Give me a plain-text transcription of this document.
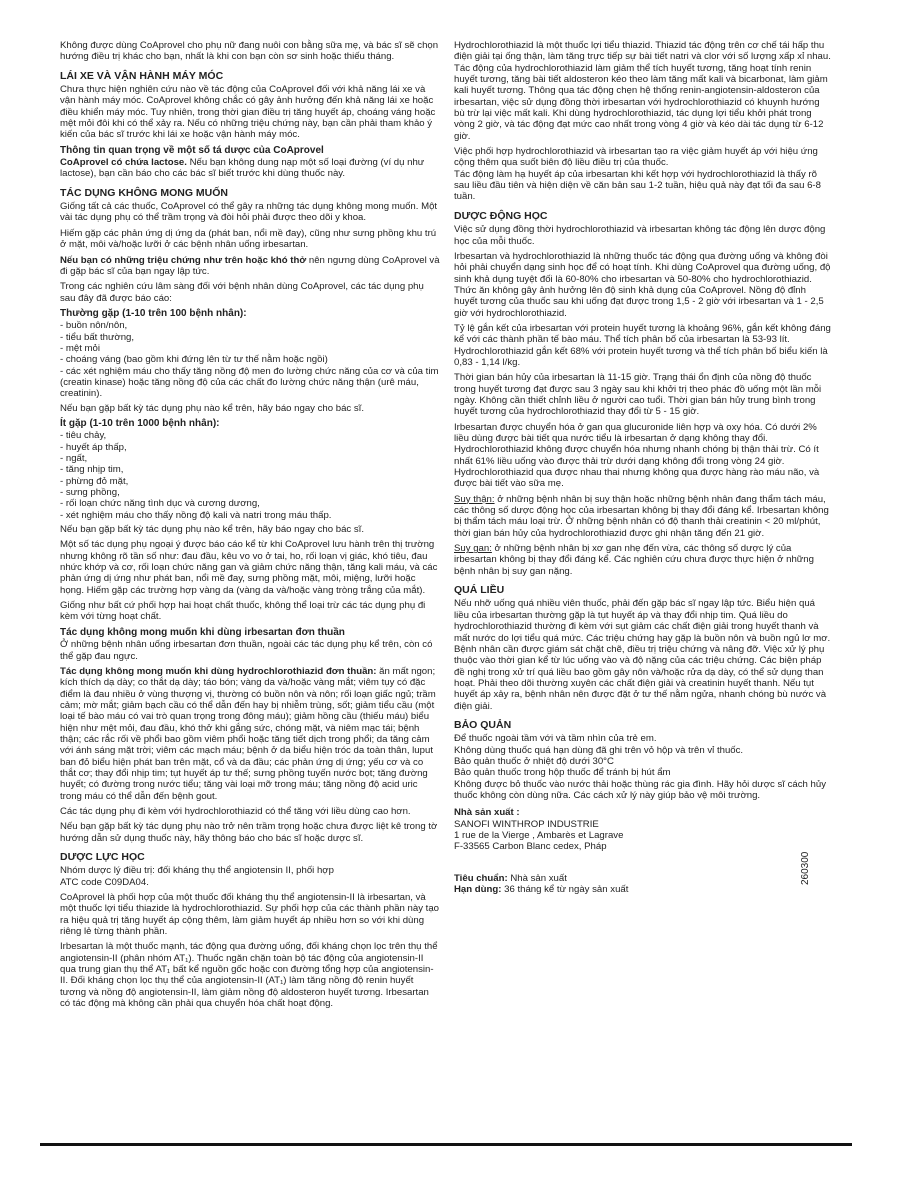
Không được dùng CoAprovel cho phụ nữ đang nuôi con bằng sữa mẹ, và bác sĩ sẽ chọn hướng điều trị khác cho bạn, nhất là khi con bạn còn sơ sinh hoặc thiếu tháng.

LÁI XE VÀ VẬN HÀNH MÁY MÓC

Chưa thực hiện nghiên cứu nào về tác động của CoAprovel đối với khả năng lái xe và vận hành máy móc. CoAprovel không chắc có gây ảnh hưởng đến khả năng lái xe hoặc điều khiển máy móc. Tuy nhiên, trong thời gian điều trị tăng huyết áp, choáng váng hoặc mệt mỏi đôi khi có thể xảy ra. Nếu có những triệu chứng này, bạn cần phải tham khảo ý kiến của bác sĩ trước khi lái xe hoặc vận hành máy móc.

Thông tin quan trọng về một số tá dược của CoAprovel

CoAprovel có chứa lactose. Nếu bạn không dung nạp một số loại đường (ví dụ như lactose), bạn cần báo cho các bác sĩ biết trước khi dùng thuốc này.

TÁC DỤNG KHÔNG MONG MUỐN

Giống tất cả các thuốc, CoAprovel có thể gây ra những tác dụng không mong muốn. Một vài tác dụng phụ có thể trầm trọng và đòi hỏi phải được theo dõi y khoa.

Hiếm gặp các phản ứng dị ứng da (phát ban, nổi mề đay), cũng như sưng phồng khu trú ở mặt, môi và/hoặc lưỡi ở các bệnh nhân uống irbesartan.

Nếu bạn có những triệu chứng như trên hoặc khó thở nên ngưng dùng CoAprovel và đi gặp bác sĩ của bạn ngay lập tức.

Trong các nghiên cứu lâm sàng đối với bệnh nhân dùng CoAprovel, các tác dụng phụ sau đây đã được báo cáo:

Thường gặp (1-10 trên 100 bệnh nhân):
- buồn nôn/nôn,
- tiểu bất thường,
- mệt mỏi
- choáng váng (bao gồm khi đứng lên từ tư thế nằm hoặc ngồi)
- các xét nghiệm máu cho thấy tăng nồng độ men đo lường chức năng của cơ và của tim (creatin kinase) hoặc tăng nồng độ của các chất đo lường chức năng thận (urê máu, creatinin).

Nếu bạn gặp bất kỳ tác dụng phụ nào kể trên, hãy báo ngay cho bác sĩ.

Ít gặp (1-10 trên 1000 bệnh nhân):
- tiêu chảy,
- huyết áp thấp,
- ngất,
- tăng nhịp tim,
- phừng đỏ mặt,
- sưng phồng,
- rối loạn chức năng tình dục và cương dương,
- xét nghiệm máu cho thấy nồng độ kali và natri trong máu thấp.

Nếu bạn gặp bất kỳ tác dụng phụ nào kể trên, hãy báo ngay cho bác sĩ.

Một số tác dụng phụ ngoại ý được báo cáo kể từ khi CoAprovel lưu hành trên thị trường nhưng không rõ tần số như: đau đầu, kêu vo vo ở tai, ho, rối loạn vị giác, khó tiêu, đau nhức khớp và cơ, rối loạn chức năng gan và giảm chức năng thận, tăng kali máu, và các phản ứng dị ứng như phát ban, nổi mề đay, sưng phồng mặt, môi, miệng, lưỡi hoặc họng. Hiếm gặp các trường hợp vàng da (vàng da và/hoặc vàng tròng trắng của mắt).

Giống như bất cứ phối hợp hai hoạt chất thuốc, không thể loại trừ các tác dụng phụ đi kèm với từng hoạt chất.

Tác dụng không mong muốn khi dùng irbesartan đơn thuần

Ở những bệnh nhân uống irbesartan đơn thuần, ngoài các tác dụng phụ kể trên, còn có thể gặp đau ngực.

Tác dụng không mong muốn khi dùng hydrochlorothiazid đơn thuần: ăn mất ngon; kích thích dạ dày; co thắt dạ dày; táo bón; vàng da và/hoặc vàng mắt; viêm tụy có đặc điểm là đau nhiều ở vùng thượng vị, thường có buồn nôn và nôn; rối loạn giấc ngủ; trầm cảm; mờ mắt; giảm bạch cầu có thể dẫn đến hay bị nhiễm trùng, sốt; giảm tiểu cầu (một loại tế bào máu có vai trò quan trọng trong đông máu); giảm hồng cầu (thiếu máu) biểu hiện như mệt mỏi, đau đầu, khó thở khi gắng sức, chóng mặt, và niêm mạc tái; bệnh thận; các rắc rối về phổi bao gồm viêm phổi hoặc tăng tiết dịch trong phổi; da tăng cảm với ánh sáng mặt trời; viêm các mạch máu; bệnh ở da biểu hiện tróc da toàn thân, luput ban đỏ biểu hiện phát ban trên mặt, cổ và da đầu; các phản ứng dị ứng; yếu cơ và co thắt cơ; thay đổi nhịp tim; tụt huyết áp tư thế; sưng phồng tuyến nước bọt; tăng đường huyết; có đường trong nước tiểu; tăng vài loại mỡ trong máu; tăng nồng độ acid uric trong máu có thể dẫn đến bệnh gout.

Các tác dụng phụ đi kèm với hydrochlorothiazid có thể tăng với liều dùng cao hơn.

Nếu bạn gặp bất kỳ tác dụng phụ nào trở nên trầm trọng hoặc chưa được liệt kê trong tờ hướng dẫn sử dụng thuốc này, hãy thông báo cho bác sĩ hoặc dược sĩ.

DƯỢC LỰC HỌC

Nhóm dược lý điều trị: đối kháng thụ thể angiotensin II, phối hợp

ATC code C09DA04.

CoAprovel là phối hợp của một thuốc đối kháng thụ thể angiotensin-II là irbesartan, và một thuốc lợi tiểu thiazide là hydrochlorothiazid. Sự phối hợp của các thành phần này tạo ra hiệu quả trị tăng huyết áp cộng thêm, làm giảm huyết áp nhiều hơn so với khi dùng riêng lẻ từng thành phần.

Irbesartan là một thuốc mạnh, tác động qua đường uống, đối kháng chọn lọc trên thụ thể angiotensin-II (phân nhóm AT₁). Thuốc ngăn chặn toàn bộ tác động của angiotensin-II qua trung gian thụ thể AT₁ bất kể nguồn gốc hoặc con đường tổng hợp của angiotensin-II. Đối kháng chọn lọc thụ thể của angiotensin-II (AT₁) làm tăng nồng độ renin huyết tương và nồng độ angiotensin-II, làm giảm nồng độ aldosteron huyết tương. Irbesartan có tác động mà không cần phải qua chuyển hóa chất hoạt động.

Hydrochlorothiazid là một thuốc lợi tiểu thiazid. Thiazid tác động trên cơ chế tái hấp thu điện giải tại ống thận, làm tăng trực tiếp sự bài tiết natri và clor với số lượng xấp xỉ nhau. Tác động của hydrochlorothiazid làm giảm thể tích huyết tương, tăng hoạt tính renin huyết tương, tăng bài tiết aldosteron kéo theo làm tăng mất kali và bicarbonat, làm giảm kali huyết tương. Thông qua tác động chẹn hệ thống renin-angiotensin-aldosteron của irbesartan, việc sử dụng đồng thời irbesartan với hydrochlorothiazid có khuynh hướng bù trừ lại việc mất kali. Khi dùng hydrochlorothiazid, tác dụng lợi tiểu khởi phát trong vòng 2 giờ, và tác động đạt mức cao nhất trong vòng 4 giờ và kéo dài tác dụng từ 6-12 giờ.

Việc phối hợp hydrochlorothiazid và irbesartan tạo ra việc giảm huyết áp với hiệu ứng cộng thêm qua suốt biên độ liều điều trị của thuốc.

Tác động làm hạ huyết áp của irbesartan khi kết hợp với hydrochlorothiazid là thấy rõ sau liều đầu tiên và hiện diện về căn bản sau 1-2 tuần, hiệu quả này đạt tối đa sau 6-8 tuần.

DƯỢC ĐỘNG HỌC

Việc sử dụng đồng thời hydrochlorothiazid và irbesartan không tác động lên dược động học của mỗi thuốc.

Irbesartan và hydrochlorothiazid là những thuốc tác động qua đường uống và không đòi hỏi phải chuyển dạng sinh học để có hoạt tính. Khi dùng CoAprovel qua đường uống, độ sinh khả dụng tuyệt đối là 60-80% cho irbesartan và 50-80% cho hydrochlorothiazid. Thức ăn không gây ảnh hưởng lên độ sinh khả dụng của CoAprovel. Nồng độ đỉnh huyết tương của thuốc sau khi uống đạt được trong 1,5 - 2 giờ với irbesartan và 1 - 2,5 giờ với hydrochlorothiazid.

Tỷ lệ gắn kết của irbesartan với protein huyết tương là khoảng 96%, gắn kết không đáng kể với các thành phần tế bào máu. Thể tích phân bố của irbesartan là 53-93 lít. Hydrochlorothiazid gắn kết 68% với protein huyết tương và thể tích phân bố biểu kiến là 0,83 - 1,14 l/kg.

Thời gian bán hủy của irbesartan là 11-15 giờ. Trạng thái ổn định của nồng độ thuốc trong huyết tương đạt được sau 3 ngày sau khi khởi trị theo phác đồ uống một lần mỗi ngày. Không cần thiết chỉnh liều ở người cao tuổi. Thời gian bán hủy trung bình trong huyết tương của hydrochlorothiazid thay đổi từ 5 - 15 giờ.

Irbesartan được chuyển hóa ở gan qua glucuronide liên hợp và oxy hóa. Có dưới 2% liều dùng được bài tiết qua nước tiểu là irbesartan ở dạng không thay đổi. Hydrochlorothiazid không được chuyển hóa nhưng nhanh chóng bị thận thải trừ. Có ít nhất 61% liều uống vào được thải trừ dưới dạng không đổi trong vòng 24 giờ. Hydrochlorothiazid qua được nhau thai nhưng không qua được hàng rào máu não, và được bài tiết vào sữa mẹ.

Suy thận: ở những bệnh nhân bị suy thận hoặc những bệnh nhân đang thẩm tách máu, các thông số dược động học của irbesartan không bị thay đổi đáng kể. Irbesartan không bị thẩm tách máu loại trừ. Ở những bệnh nhân có độ thanh thải creatinin < 20 ml/phút, thời gian bán hủy của hydrochlorothiazid được ghi nhận tăng đến 21 giờ.

Suy gan: ở những bệnh nhân bị xơ gan nhẹ đến vừa, các thông số dược lý của irbesartan không bị thay đổi đáng kể. Các nghiên cứu chưa được thực hiện ở những bệnh nhân bị suy gan nặng.

QUÁ LIỀU

Nếu nhỡ uống quá nhiều viên thuốc, phải đến gặp bác sĩ ngay lập tức. Biểu hiện quá liều của irbesartan thường gặp là tụt huyết áp và thay đổi nhịp tim. Quá liều do hydrochlorothiazid thường đi kèm với sụt giảm các chất điện giải trong huyết thanh và mất nước do lợi tiểu quá mức. Các triệu chứng hay gặp là buồn nôn và buồn ngủ lơ mơ.

Bệnh nhân cần được giám sát chặt chẽ, điều trị triệu chứng và nâng đỡ. Việc xử lý phụ thuộc vào thời gian kể từ lúc uống vào và độ nặng của các triệu chứng. Các biện pháp đề nghị trong xử trí quá liều bao gồm gây nôn và/hoặc rửa dạ dày, có thể sử dụng than hoạt. Phải theo dõi thường xuyên các chất điện giải và creatinin huyết thanh. Nếu tụt huyết áp xảy ra, bệnh nhân nên được đặt ở tư thế nằm ngửa, nhanh chóng bù nước và điện giải.

BẢO QUẢN
Để thuốc ngoài tầm với và tầm nhìn của trẻ em.
Không dùng thuốc quá hạn dùng đã ghi trên vỏ hộp và trên vỉ thuốc.
Bảo quản thuốc ở nhiệt độ dưới 30°C
Bảo quản thuốc trong hộp thuốc để tránh bị hút ẩm

Không được bỏ thuốc vào nước thải hoặc thùng rác gia đình. Hãy hỏi dược sĩ cách hủy thuốc không còn dùng nữa. Các cách xử lý này giúp bảo vệ môi trường.

Nhà sản xuất :

SANOFI WINTHROP INDUSTRIE

1 rue de la Vierge , Ambarès et Lagrave

F-33565 Carbon Blanc cedex, Pháp

Tiêu chuẩn: Nhà sản xuất

Hạn dùng: 36 tháng kể từ ngày sản xuất

260300
